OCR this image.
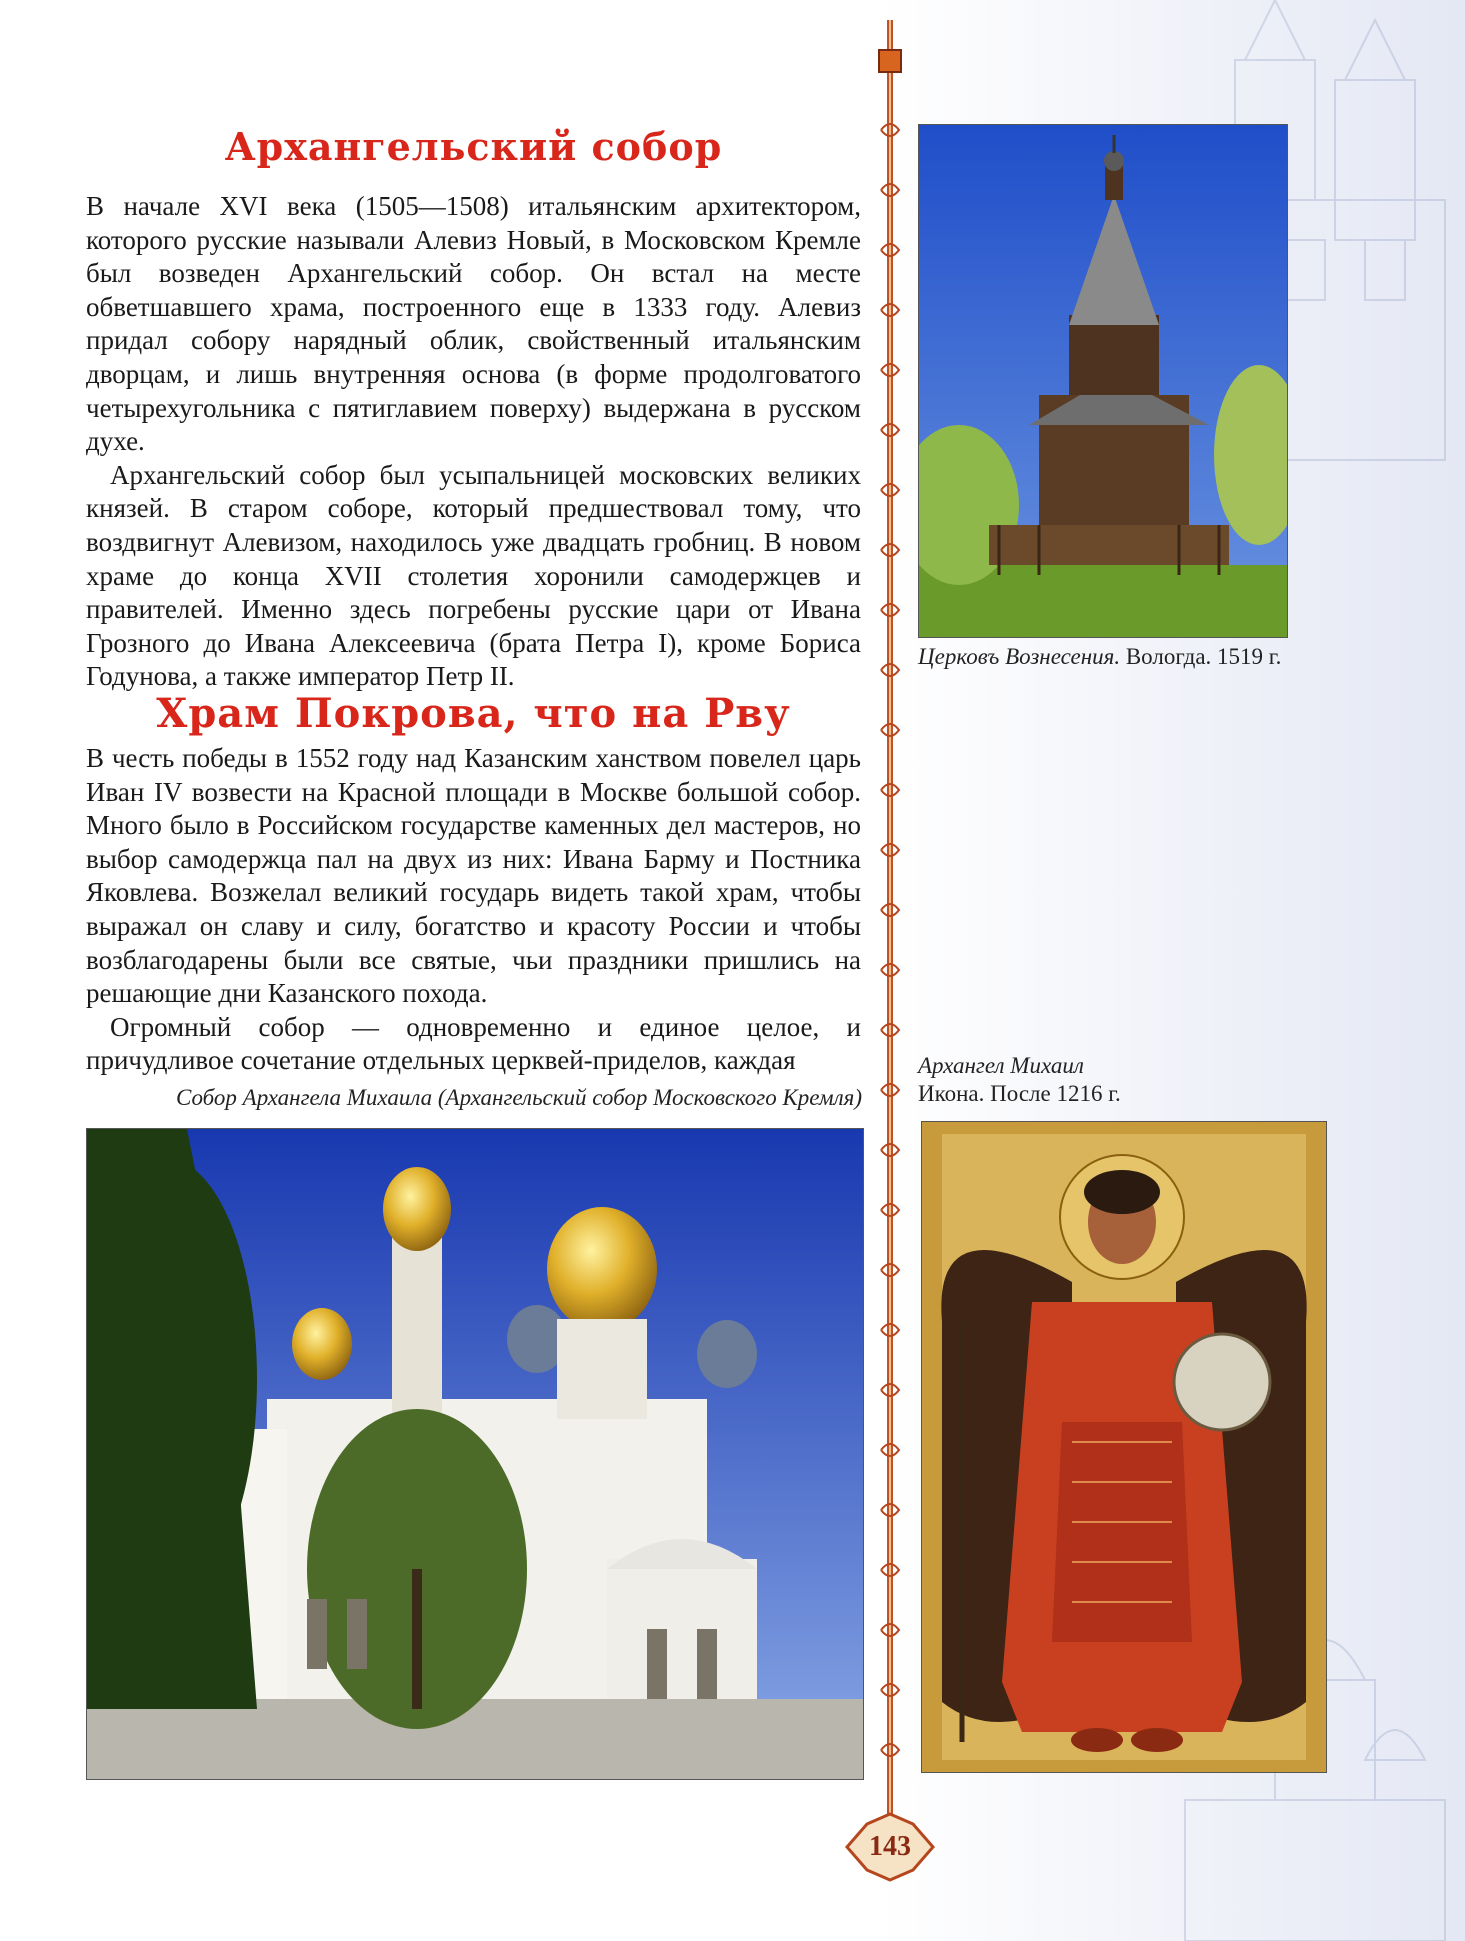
Архангельский собор

В начале XVI века (1505—1508) итальянским архитектором, которого русские называли Алевиз Новый, в Московском Кремле был возведен Архангельский собор. Он встал на месте обветшавшего храма, построенного еще в 1333 году. Алевиз придал собору нарядный облик, свойственный итальянским дворцам, и лишь внутренняя основа (в форме продолговатого четырехугольника с пятиглавием поверху) выдержана в русском духе.

Архангельский собор был усыпальницей московских великих князей. В старом соборе, который предшествовал тому, что воздвигнут Алевизом, находилось уже двадцать гробниц. В новом храме до конца XVII столетия хоронили самодержцев и правителей. Именно здесь погребены русские цари от Ивана Грозного до Ивана Алексеевича (брата Петра I), кроме Бориса Годунова, а также император Петр II.

Храм Покрова, что на Рву

В честь победы в 1552 году над Казанским ханством повелел царь Иван IV возвести на Красной площади в Москве большой собор. Много было в Российском государстве каменных дел мастеров, но выбор самодержца пал на двух из них: Ивана Барму и Постника Яковлева. Возжелал великий государь видеть такой храм, чтобы выражал он славу и силу, богатство и красоту России и чтобы возблагодарены были все святые, чьи праздники пришлись на решающие дни Казанского похода.

Огромный собор — одновременно и единое целое, и причудливое сочетание отдельных церквей-приделов, каждая

Собор Архангела Михаила (Архангельский собор Московского Кремля)
Церковъ Вознесения. Вологда. 1519 г.
Архангел Михаил
Икона. После 1216 г.
143
